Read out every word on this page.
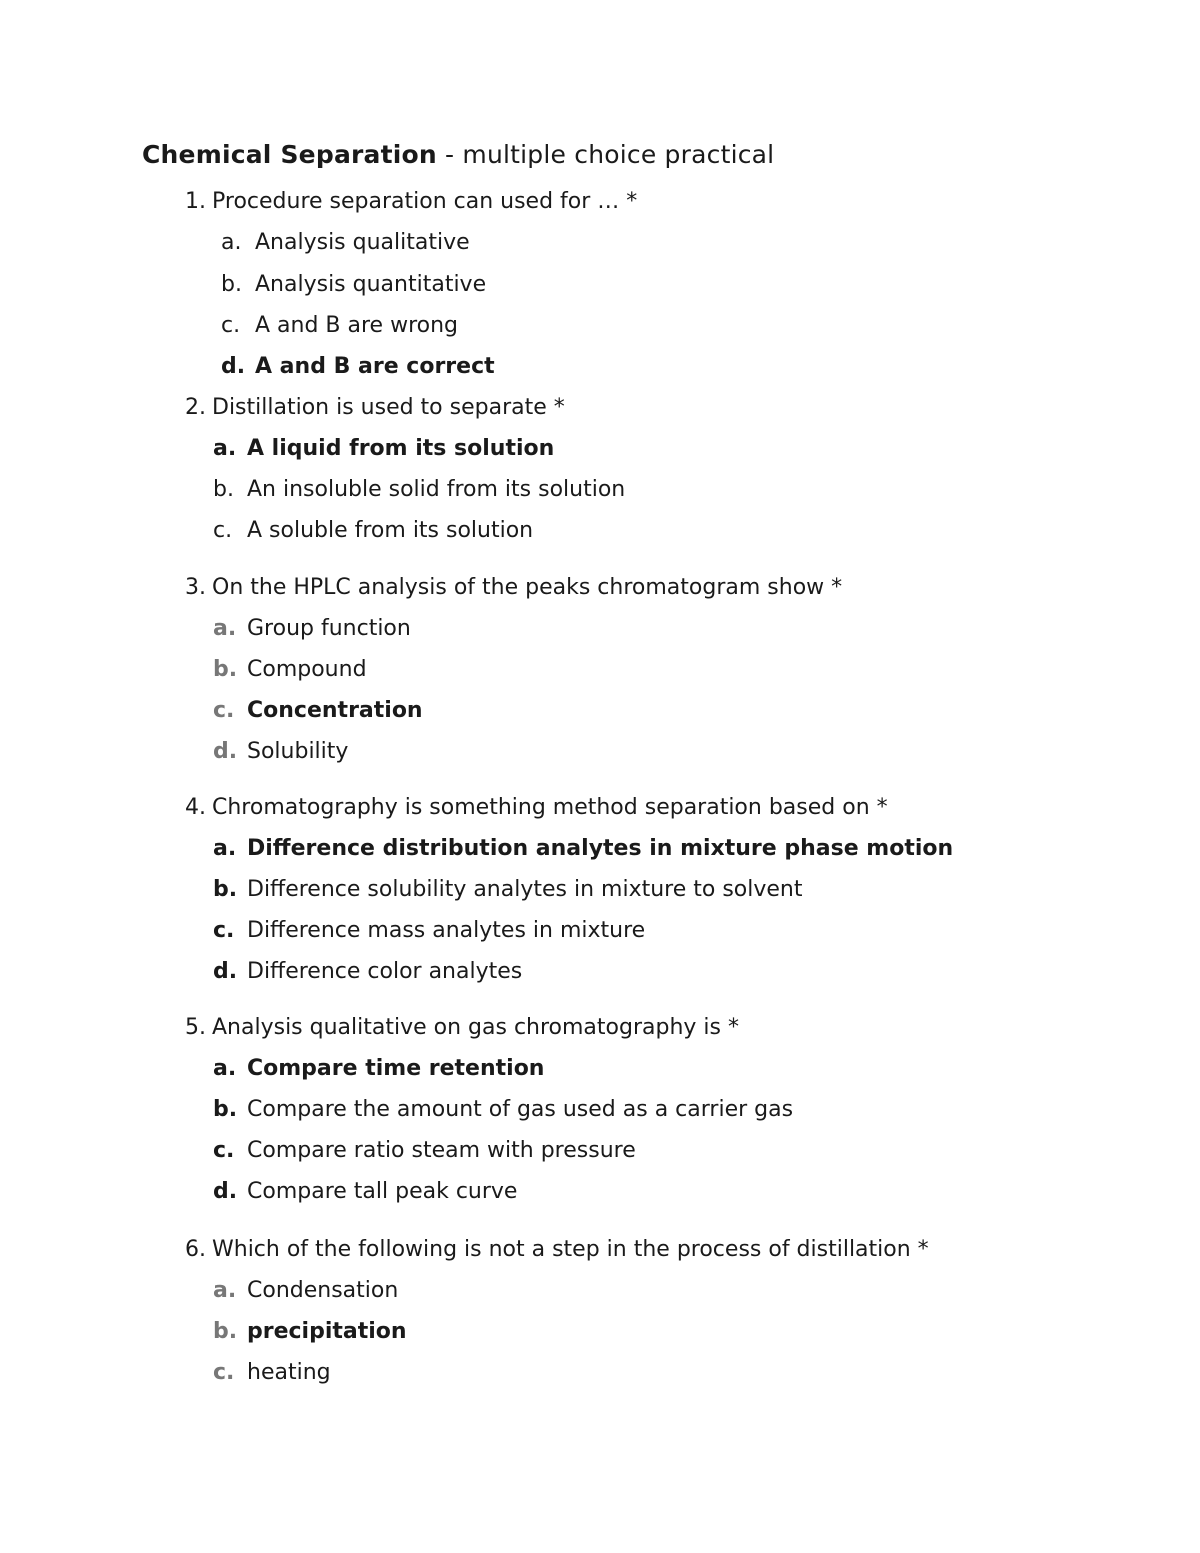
Chemical Separation - multiple choice practical
1. Procedure separation can used for … *
a. Analysis qualitative
b. Analysis quantitative
c. A and B are wrong
d. A and B are correct
2. Distillation is used to separate *
a. A liquid from its solution
b. An insoluble solid from its solution
c. A soluble from its solution
3. On the HPLC analysis of the peaks chromatogram show *
a. Group function
b. Compound
c. Concentration
d. Solubility
4. Chromatography is something method separation based on *
a. Difference distribution analytes in mixture phase motion
b. Difference solubility analytes in mixture to solvent
c. Difference mass analytes in mixture
d. Difference color analytes
5. Analysis qualitative on gas chromatography is *
a. Compare time retention
b. Compare the amount of gas used as a carrier gas
c. Compare ratio steam with pressure
d. Compare tall peak curve
6. Which of the following is not a step in the process of distillation *
a. Condensation
b. precipitation
c. heating
